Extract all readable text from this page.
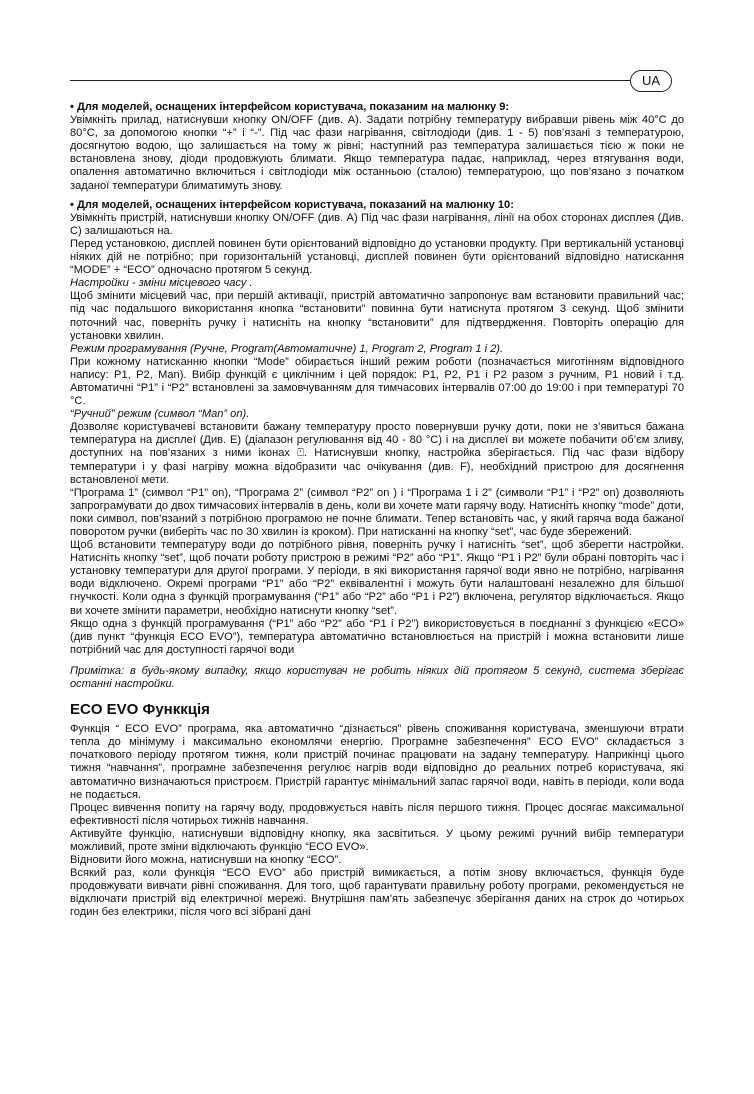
UA

• Для моделей, оснащених інтерфейсом користувача, показаним на малюнку 9:

Увімкніть прилад, натиснувши кнопку ON/OFF (див. A). Задати потрібну температуру вибравши рівень між 40°C до 80°C, за допомогою кнопки “+” і “-”. Під час фази нагрівання, світлодіоди (див. 1 - 5) пов’язані з температурою, досягнутою водою, що залишається на тому ж рівні; наступний раз температура залишається тією ж поки не встановлена знову, діоди продовжують блимати. Якщо температура падає, наприклад, через втягування води, опалення автоматично включиться і світлодіоди між останньою (сталою) температурою, що пов’язано з початком заданої температури блиматимуть знову.

• Для моделей, оснащених інтерфейсом користувача, показаний на малюнку 10:

Увімкніть пристрій, натиснувши кнопку ON/OFF (див. A) Під час фази нагрівання, лінії на обох сторонах дисплея (Див. C) залишаються на.

Перед установкою, дисплей повинен бути орієнтований відповідно до установки продукту. При вертикальній установці ніяких дій не потрібно; при горизонтальній установці, дисплей повинен бути орієнтований відповідно натискання “MODE” + “ECO” одночасно протягом 5 секунд.

Настройки - зміни місцевого часу .

Щоб змінити місцевий час, при першій активації, пристрій автоматично запропонує вам встановити правильний час; під час подальшого використання кнопка “встановити” повинна бути натиснута протягом 3 секунд. Щоб змінити поточний час, поверніть ручку і натисніть на кнопку “встановити” для підтвердження. Повторіть операцію для установки хвилин.

Режим програмування (Ручне, Program(Автоматичне) 1, Program 2, Program 1 і 2).

При кожному натисканню кнопки “Mode” обирається інший режим роботи (позначається миготінням відповідного напису: P1, P2, Man). Вибір функцій є циклічним і цей порядок: P1, P2, P1 і P2 разом з ручним, P1 новий і т.д. Автоматичні “P1” і “P2” встановлені за замовчуванням для тимчасових інтервалів 07:00 до 19:00 і при температурі 70 °C.

“Ручний” режим (символ “Man” on).

Дозволяє користувачеві встановити бажану температуру просто повернувши ручку доти, поки не з’явиться бажана температура на дисплеї (Див. E) (діапазон регулювання від 40 - 80 °C) і на дисплеї ви можете побачити об’єм зливу, доступних на пов’язаних з ними іконах ⍞. Натиснувши кнопку, настройка зберігається. Під час фази відбору температури і у фазі нагріву можна відобразити час очікування (див. F), необхідний пристрою для досягнення встановленої мети.

“Програма 1” (символ “P1” on), “Програма 2” (символ “P2” on ) і “Програма 1 і 2” (символи “P1” і “P2” on) дозволяють запрограмувати до двох тимчасових інтервалів в день, коли ви хочете мати гарячу воду. Натисніть кнопку “mode” доти, поки символ, пов’язаний з потрібною програмою не почне блимати. Тепер встановіть час, у який гаряча вода бажаної поворотом ручки (виберіть час по 30 хвилин із кроком). При натисканні на кнопку “set”, час буде збережений.

Щоб встановити температуру води до потрібного рівня, поверніть ручку і натисніть “set”, щоб зберегти настройки. Натисніть кнопку “set”, щоб почати роботу пристрою в режимі “P2” або “P1”. Якщо “P1 і P2” були обрані повторіть час і установку температури для другої програми. У періоди, в які використання гарячої води явно не потрібно, нагрівання води відключено. Окремі програми “P1” або “P2” еквівалентні і можуть бути налаштовані незалежно для більшої гнучкості. Коли одна з функцій програмування (“P1” або “P2” або “P1 і P2”) включена, регулятор відключається. Якщо ви хочете змінити параметри, необхідно натиснути кнопку “set”.

Якщо одна з функцій програмування (“P1” або “P2” або “P1 і P2”) використовується в поєднанні з функцією «ECO» (див пункт “функція ECO EVO”), температура автоматично встановлюється на пристрій і можна встановити лише потрібний час для доступності гарячої води

Примітка: в будь-якому випадку, якщо користувач не робить ніяких дій протягом 5 секунд, система зберігає останні настройки.

ECO EVO Функкція

Функція “ ECO EVO” програма, яка автоматично “дізнається” рівень споживання користувача, зменшуючи втрати тепла до мінімуму і максимально економлячи енергію. Програмне забезпечення” ECO EVO” складається з початкового періоду протягом тижня, коли пристрій починає працювати на задану температуру. Наприкінці цього тижня “навчання”, програмне забезпечення регулює нагрів води відповідно до реальних потреб користувача, які автоматично визначаються пристроєм. Пристрій гарантує мінімальний запас гарячої води, навіть в періоди, коли вода не подається.

Процес вивчення попиту на гарячу воду, продовжується навіть після першого тижня. Процес досягає максимальної ефективності після чотирьох тижнів навчання.

Активуйте функцію, натиснувши відповідну кнопку, яка засвітиться. У цьому режимі ручний вибір температури можливий, проте зміни відключають функцію “ECO EVO».

Відновити його можна, натиснувши на кнопку “ECO”.

Всякий раз, коли функція “ECO EVO” або пристрій вимикається, а потім знову включається, функція буде продовжувати вивчати рівні споживання. Для того, щоб гарантувати правильну роботу програми, рекомендується не відключати пристрій від електричної мережі. Внутрішня пам’ять забезпечує зберігання даних на строк до чотирьох годин без електрики, після чого всі зібрані дані
